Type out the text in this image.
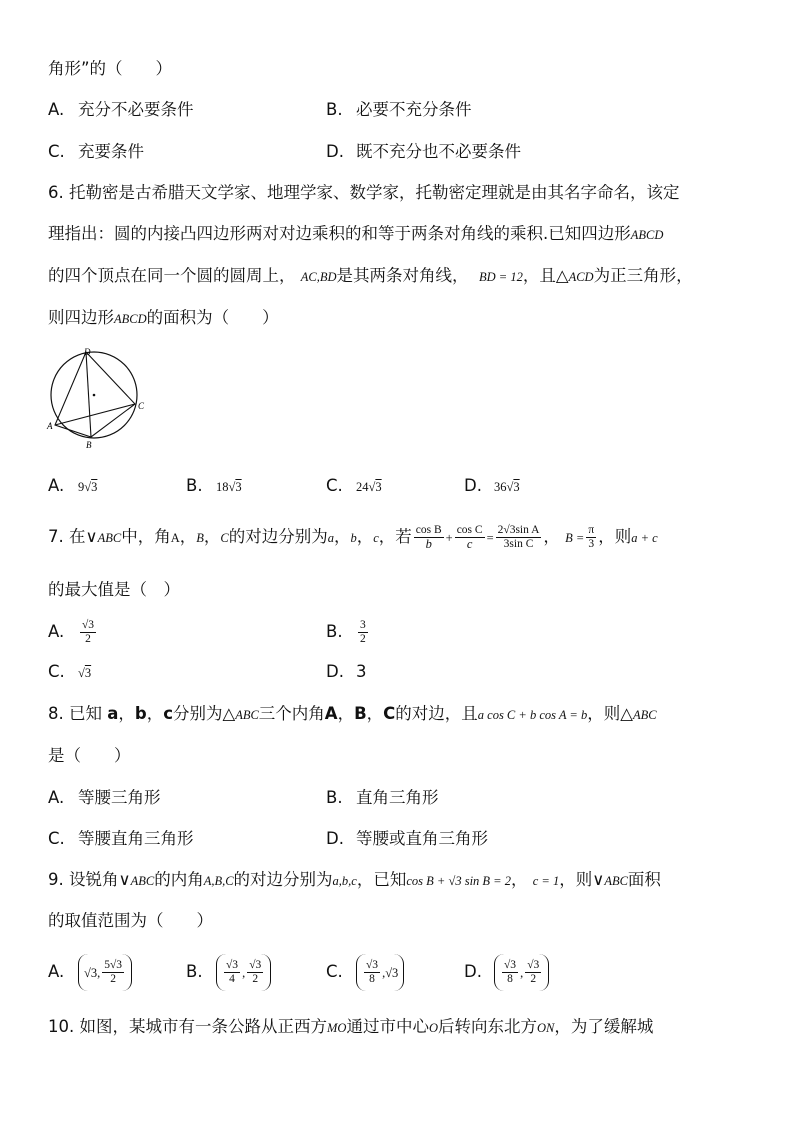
角形”的（　　）
A. 充分不必要条件	B. 必要不充分条件
C. 充要条件	D. 既不充分也不必要条件
6. 托勒密是古希腊天文学家、地理学家、数学家，托勒密定理就是由其名字命名，该定
理指出：圆的内接凸四边形两对对边乘积的和等于两条对角线的乘积.已知四边形ABCD
的四个顶点在同一个圆的圆周上， AC,BD是其两条对角线， BD = 12，且△ACD为正三角形，
则四边形ABCD的面积为（　　）
D
C
A
B
A. 9√3	B. 18√3	C. 24√3	D. 36√3
7. 在∨ABC中，角A，B，C的对边分别为a，b，c，若 $\frac{\text{cos B}}{b} + \frac{\text{cos C}}{c} = \frac{\text{2√3sin A}}{\text{3sin C}}$ ， $B = \frac{\pi}{3}$ ，则a + c
的最大值是（　）
A. $\frac{√3}{2}$	B. $\frac{3}{2}$
C. √3	D. 3
8. 已知 a，b，c分别为△ABC三个内角A，B，C的对边，且a cos C + b cos A = b，则△ABC
是（　　）
A. 等腰三角形	B. 直角三角形
C. 等腰直角三角形	D. 等腰或直角三角形
9. 设锐角∨ABC的内角A,B,C的对边分别为a,b,c，已知cos B + √3 sin B = 2， c = 1，则∨ABC面积
的取值范围为（　　）
A. √3, $\frac{5√3}{2}$	B. $\frac{√3}{4}$ , $\frac{√3}{2}$	C. $\frac{√3}{8} ,√3$	D. $\frac{√3}{8}$ , $\frac{√3}{2}$
10. 如图，某城市有一条公路从正西方MO通过市中心O后转向东北方ON，为了缓解城
